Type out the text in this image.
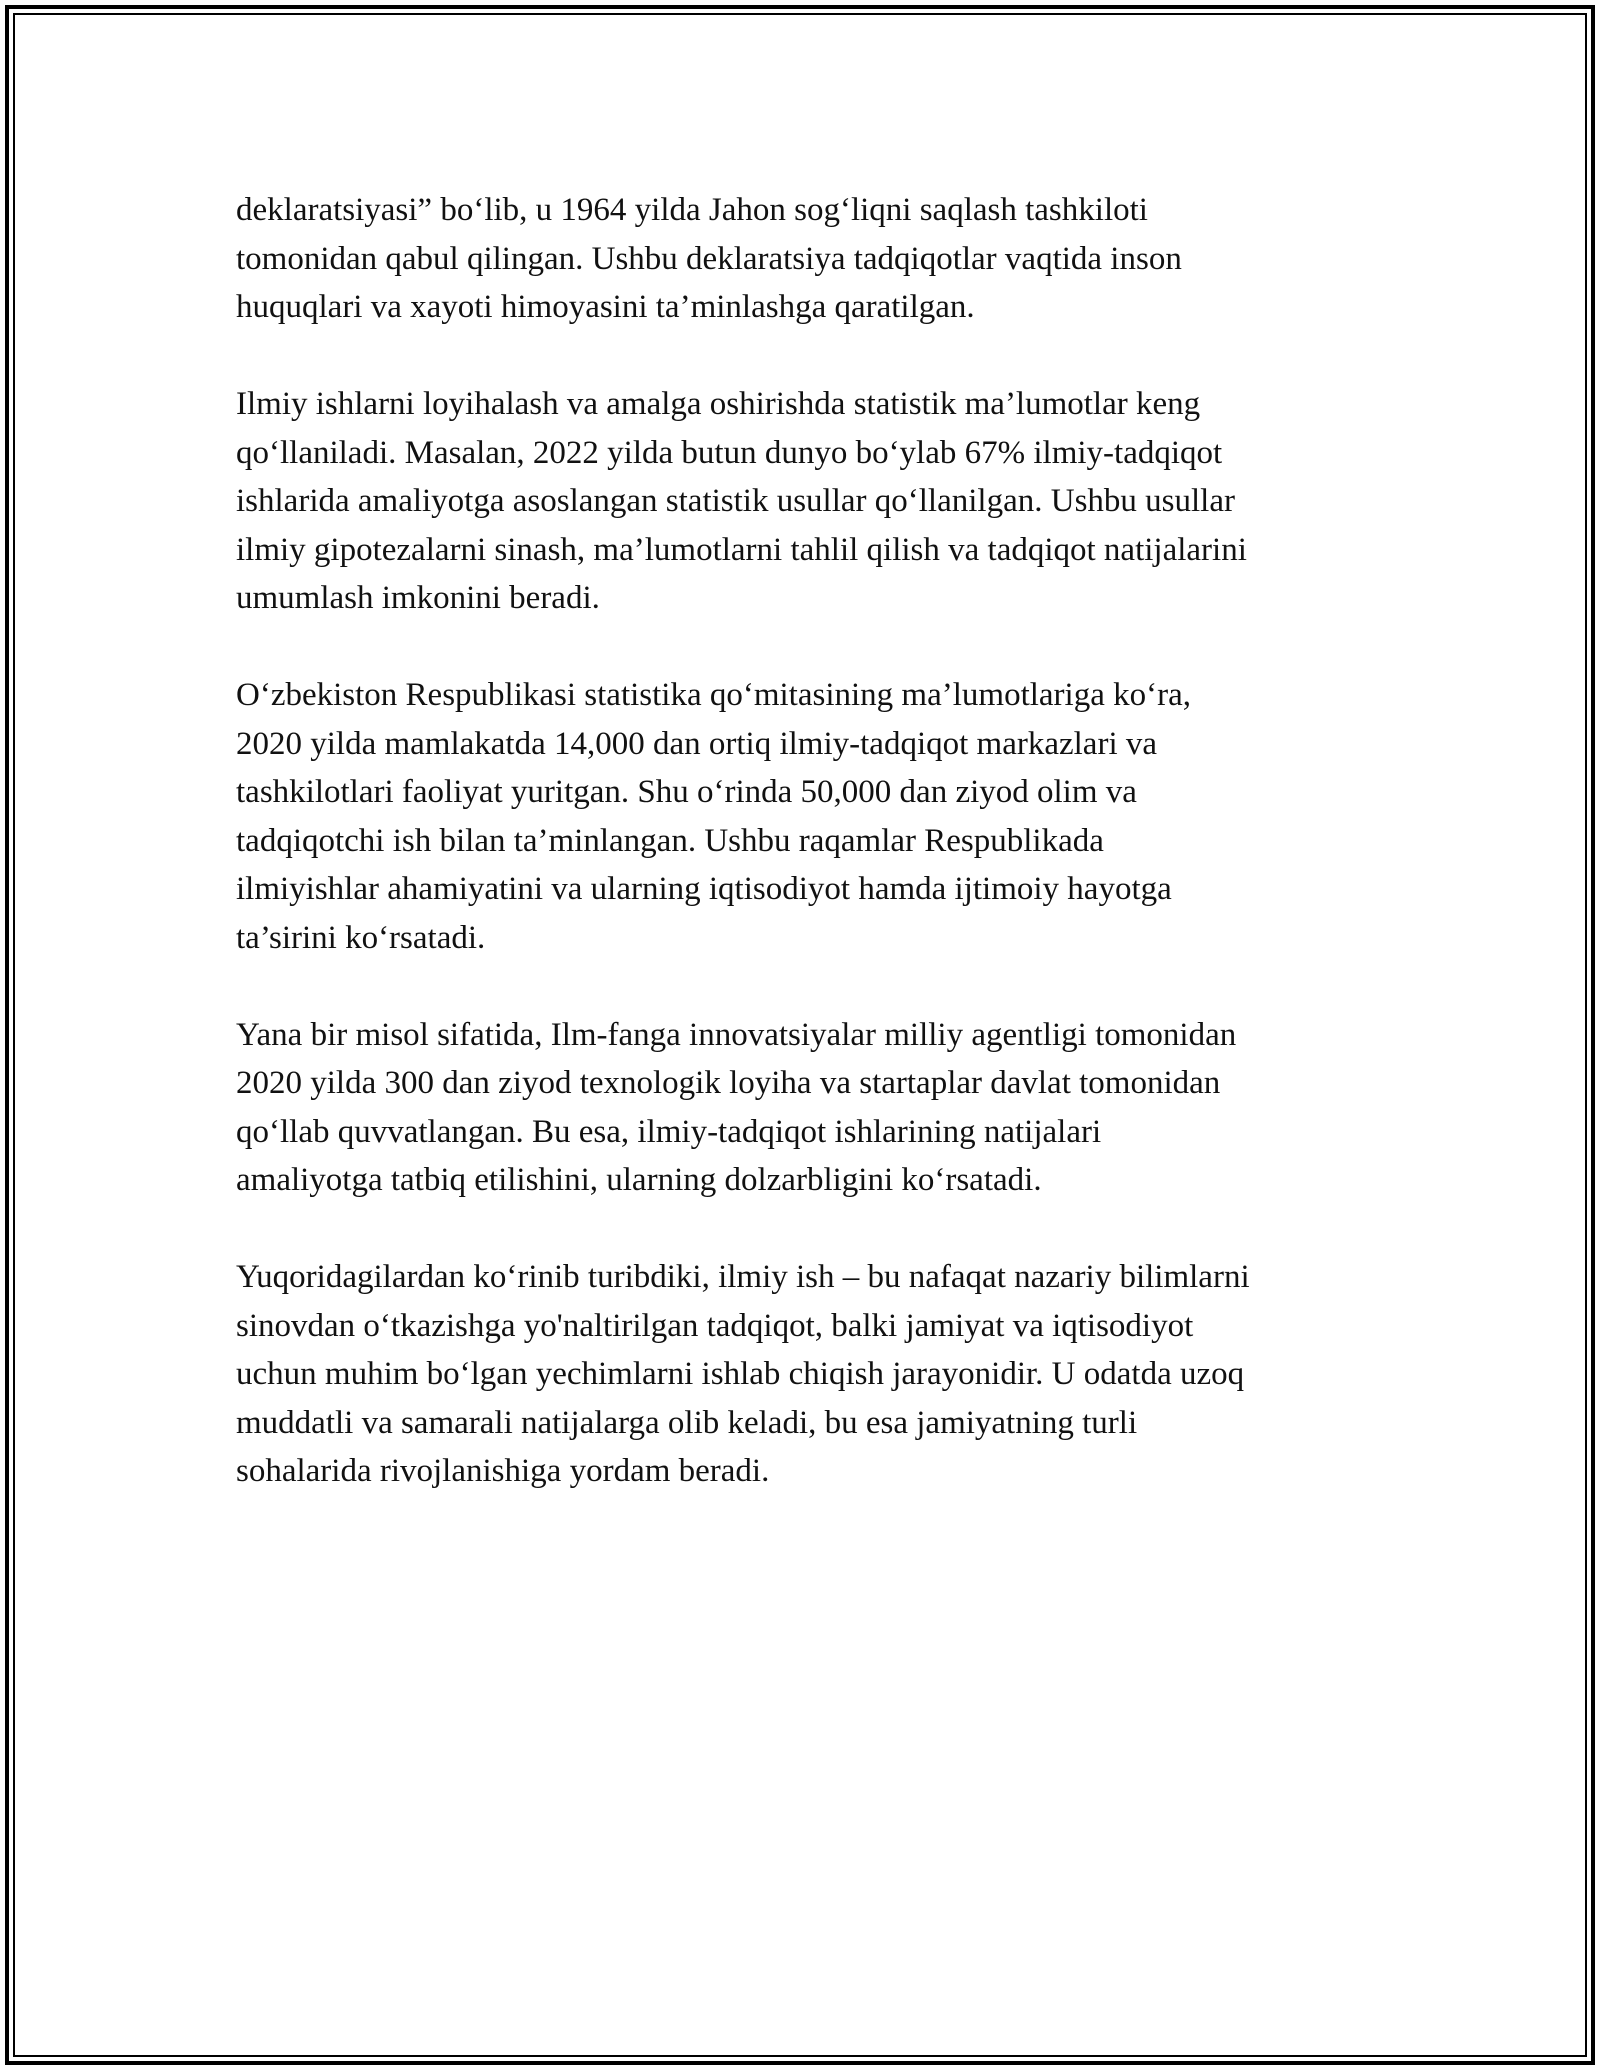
deklaratsiyasi” bo‘lib, u 1964 yilda Jahon sog‘liqni saqlash tashkiloti
tomonidan qabul qilingan. Ushbu deklaratsiya tadqiqotlar vaqtida inson
huquqlari va xayoti himoyasini ta’minlashga qaratilgan.

Ilmiy ishlarni loyihalash va amalga oshirishda statistik ma’lumotlar keng
qo‘llaniladi. Masalan, 2022 yilda butun dunyo bo‘ylab 67% ilmiy-tadqiqot
ishlarida amaliyotga asoslangan statistik usullar qo‘llanilgan. Ushbu usullar
ilmiy gipotezalarni sinash, ma’lumotlarni tahlil qilish va tadqiqot natijalarini
umumlash imkonini beradi.

O‘zbekiston Respublikasi statistika qo‘mitasining ma’lumotlariga ko‘ra,
2020 yilda mamlakatda 14,000 dan ortiq ilmiy-tadqiqot markazlari va
tashkilotlari faoliyat yuritgan. Shu o‘rinda 50,000 dan ziyod olim va
tadqiqotchi ish bilan ta’minlangan. Ushbu raqamlar Respublikada
ilmiyishlar ahamiyatini va ularning iqtisodiyot hamda ijtimoiy hayotga
ta’sirini ko‘rsatadi.

Yana bir misol sifatida, Ilm-fanga innovatsiyalar milliy agentligi tomonidan
2020 yilda 300 dan ziyod texnologik loyiha va startaplar davlat tomonidan
qo‘llab quvvatlangan. Bu esa, ilmiy-tadqiqot ishlarining natijalari
amaliyotga tatbiq etilishini, ularning dolzarbligini ko‘rsatadi.

Yuqoridagilardan ko‘rinib turibdiki, ilmiy ish – bu nafaqat nazariy bilimlarni
sinovdan o‘tkazishga yo'naltirilgan tadqiqot, balki jamiyat va iqtisodiyot
uchun muhim bo‘lgan yechimlarni ishlab chiqish jarayonidir. U odatda uzoq
muddatli va samarali natijalarga olib keladi, bu esa jamiyatning turli
sohalarida rivojlanishiga yordam beradi.
